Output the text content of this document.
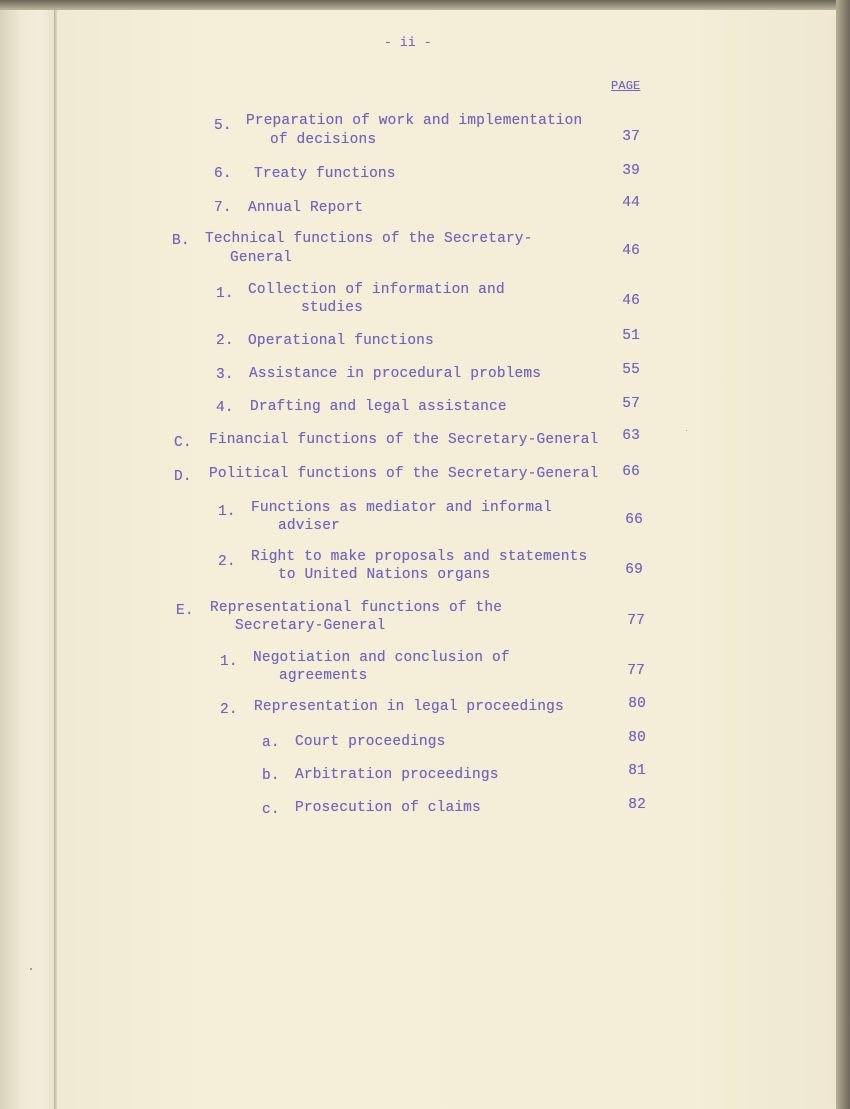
- ii -
PAGE
5. Preparation of work and implementation
of decisions	37
6. Treaty functions	39
7. Annual Report	44
B. Technical functions of the Secretary-
General	46
1. Collection of information and
studies	46
2. Operational functions	51
3. Assistance in procedural problems	55
4. Drafting and legal assistance	57
C. Financial functions of the Secretary-General	63
D. Political functions of the Secretary-General	66
1. Functions as mediator and informal
adviser	66
2. Right to make proposals and statements
to United Nations organs	69
E. Representational functions of the
Secretary-General	77
1. Negotiation and conclusion of
agreements	77
2. Representation in legal proceedings	80
a. Court proceedings	80
b. Arbitration proceedings	81
c. Prosecution of claims	82
